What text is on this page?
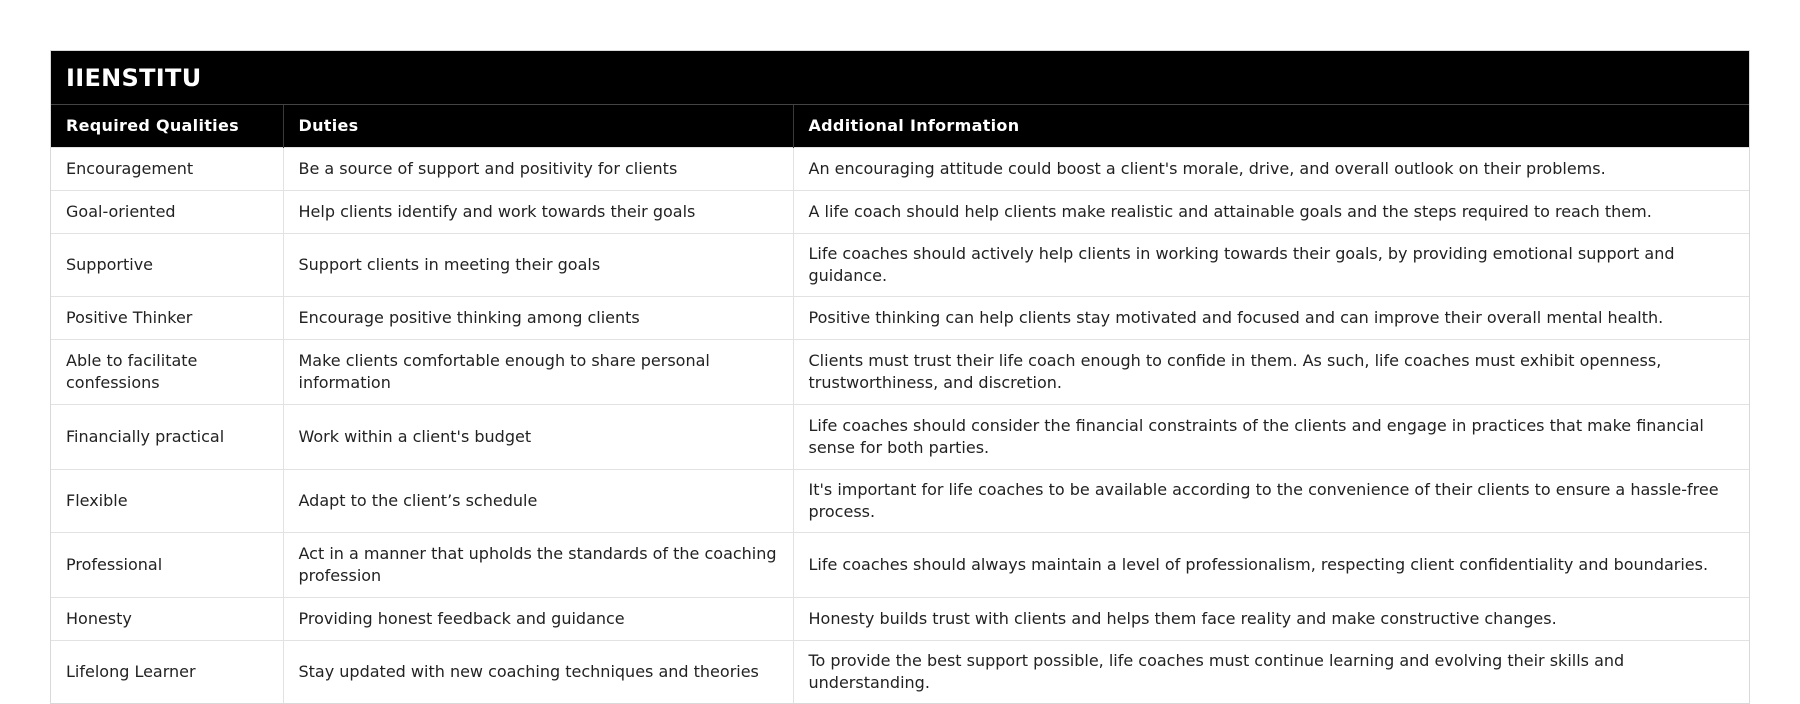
IIENSTITU
Required Qualities	Duties	Additional Information
Encouragement	Be a source of support and positivity for clients	An encouraging attitude could boost a client's morale, drive, and overall outlook on their problems.
Goal-oriented	Help clients identify and work towards their goals	A life coach should help clients make realistic and attainable goals and the steps required to reach them.
Supportive	Support clients in meeting their goals	Life coaches should actively help clients in working towards their goals, by providing emotional support and guidance.
Positive Thinker	Encourage positive thinking among clients	Positive thinking can help clients stay motivated and focused and can improve their overall mental health.
Able to facilitate confessions	Make clients comfortable enough to share personal information	Clients must trust their life coach enough to confide in them. As such, life coaches must exhibit openness, trustworthiness, and discretion.
Financially practical	Work within a client's budget	Life coaches should consider the financial constraints of the clients and engage in practices that make financial sense for both parties.
Flexible	Adapt to the client’s schedule	It's important for life coaches to be available according to the convenience of their clients to ensure a hassle-free process.
Professional	Act in a manner that upholds the standards of the coaching profession	Life coaches should always maintain a level of professionalism, respecting client confidentiality and boundaries.
Honesty	Providing honest feedback and guidance	Honesty builds trust with clients and helps them face reality and make constructive changes.
Lifelong Learner	Stay updated with new coaching techniques and theories	To provide the best support possible, life coaches must continue learning and evolving their skills and understanding.
